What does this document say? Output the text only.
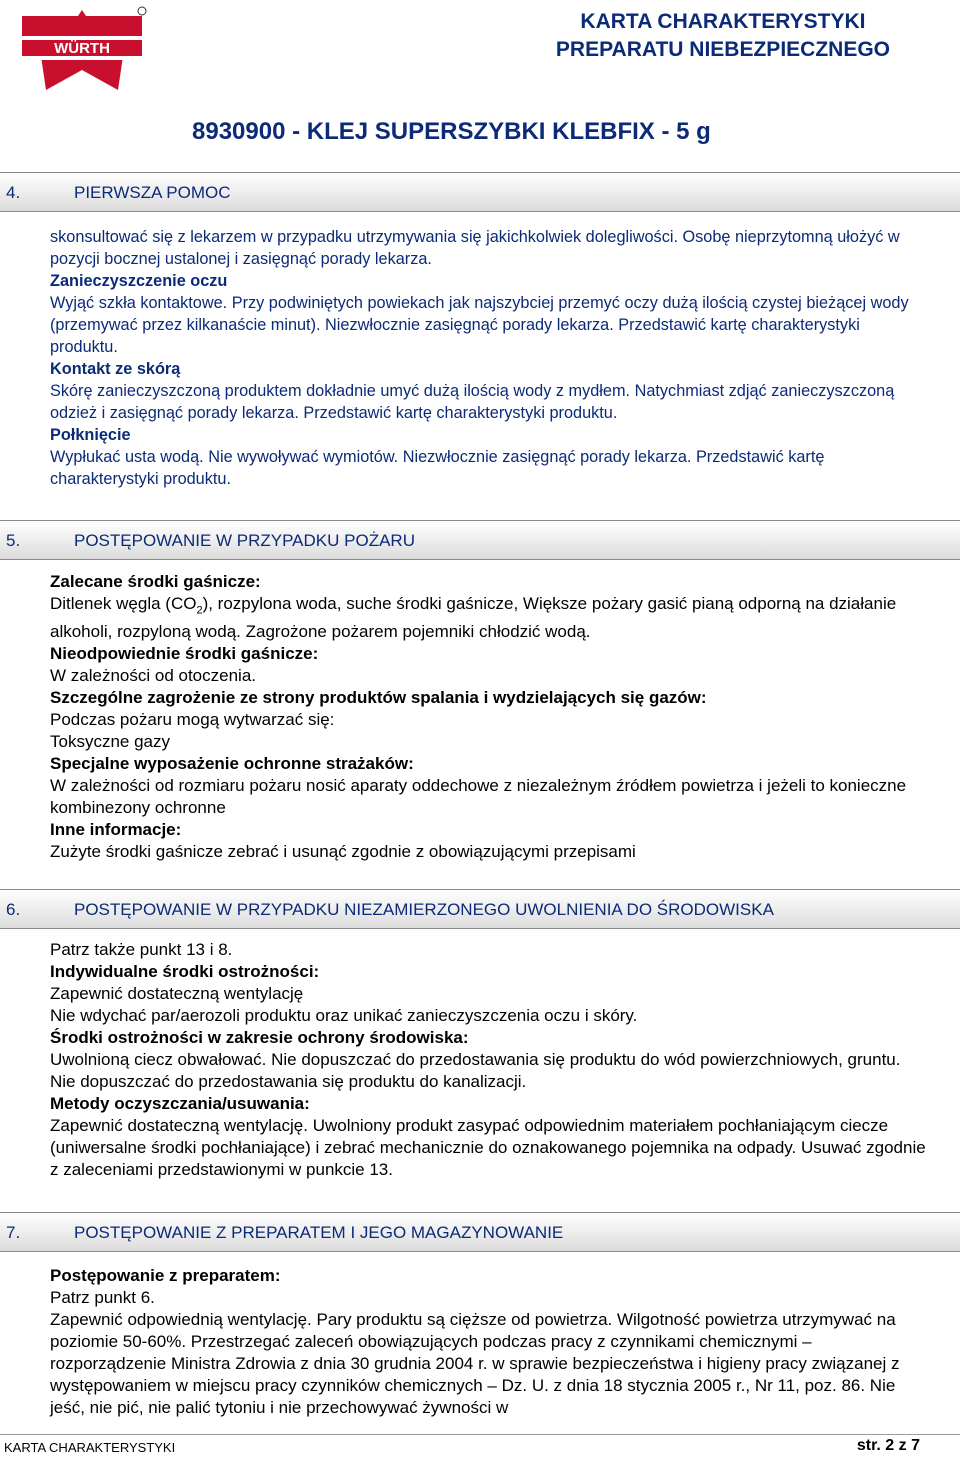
WÜRTH
KARTA CHARAKTERYSTYKI
PREPARATU NIEBEZPIECZNEGO
8930900 - KLEJ SUPERSZYBKI KLEBFIX - 5 g
4.	PIERWSZA POMOC

skonsultować się z lekarzem w przypadku utrzymywania się jakichkolwiek dolegliwości. Osobę nieprzytomną ułożyć w pozycji bocznej ustalonej i zasięgnąć porady lekarza.

Zanieczyszczenie oczu

Wyjąć szkła kontaktowe. Przy podwiniętych powiekach jak najszybciej przemyć oczy dużą ilością czystej bieżącej wody (przemywać przez kilkanaście minut). Niezwłocznie zasięgnąć porady lekarza. Przedstawić kartę charakterystyki produktu.

Kontakt ze skórą

Skórę zanieczyszczoną produktem dokładnie umyć dużą ilością wody z mydłem. Natychmiast zdjąć zanieczyszczoną odzież i zasięgnąć porady lekarza. Przedstawić kartę charakterystyki produktu.

Połknięcie

Wypłukać usta wodą. Nie wywoływać wymiotów. Niezwłocznie zasięgnąć porady lekarza. Przedstawić kartę charakterystyki produktu.

5.	POSTĘPOWANIE W PRZYPADKU POŻARU

Zalecane środki gaśnicze:

Ditlenek węgla $(CO_2)$, rozpylona woda, suche środki gaśnicze, Większe pożary gasić pianą odporną na działanie alkoholi, rozpyloną wodą. Zagrożone pożarem pojemniki chłodzić wodą.

Nieodpowiednie środki gaśnicze:

W zależności od otoczenia.

Szczególne zagrożenie ze strony produktów spalania i wydzielających się gazów:

Podczas pożaru mogą wytwarzać się:

Toksyczne gazy

Specjalne wyposażenie ochronne strażaków:

W zależności od rozmiaru pożaru nosić aparaty oddechowe z niezależnym źródłem powietrza i jeżeli to konieczne kombinezony ochronne

Inne informacje:

Zużyte środki gaśnicze zebrać i usunąć zgodnie z obowiązującymi przepisami

6.	POSTĘPOWANIE W PRZYPADKU NIEZAMIERZONEGO UWOLNIENIA DO ŚRODOWISKA

Patrz także punkt 13 i 8.

Indywidualne środki ostrożności:

Zapewnić dostateczną wentylację

Nie wdychać par/aerozoli produktu oraz unikać zanieczyszczenia oczu i skóry.

Środki ostrożności w zakresie ochrony środowiska:

Uwolnioną ciecz obwałować. Nie dopuszczać do przedostawania się produktu do wód powierzchniowych, gruntu. Nie dopuszczać do przedostawania się produktu do kanalizacji.

Metody oczyszczania/usuwania:

Zapewnić dostateczną wentylację. Uwolniony produkt zasypać odpowiednim materiałem pochłaniającym ciecze (uniwersalne środki pochłaniające) i zebrać mechanicznie do oznakowanego pojemnika na odpady. Usuwać zgodnie z zaleceniami przedstawionymi w punkcie 13.

7.	POSTĘPOWANIE Z PREPARATEM I JEGO MAGAZYNOWANIE

Postępowanie z preparatem:

Patrz punkt 6.

Zapewnić odpowiednią wentylację. Pary produktu są cięższe od powietrza. Wilgotność powietrza utrzymywać na poziomie 50-60%. Przestrzegać zaleceń obowiązujących podczas pracy z czynnikami chemicznymi – rozporządzenie Ministra Zdrowia z dnia 30 grudnia 2004 r. w sprawie bezpieczeństwa i higieny pracy związanej z występowaniem w miejscu pracy czynników chemicznych – Dz. U. z dnia 18 stycznia 2005 r., Nr 11, poz. 86. Nie jeść, nie pić, nie palić tytoniu i nie przechowywać żywności w

KARTA CHARAKTERYSTYKI	str. 2 z 7
